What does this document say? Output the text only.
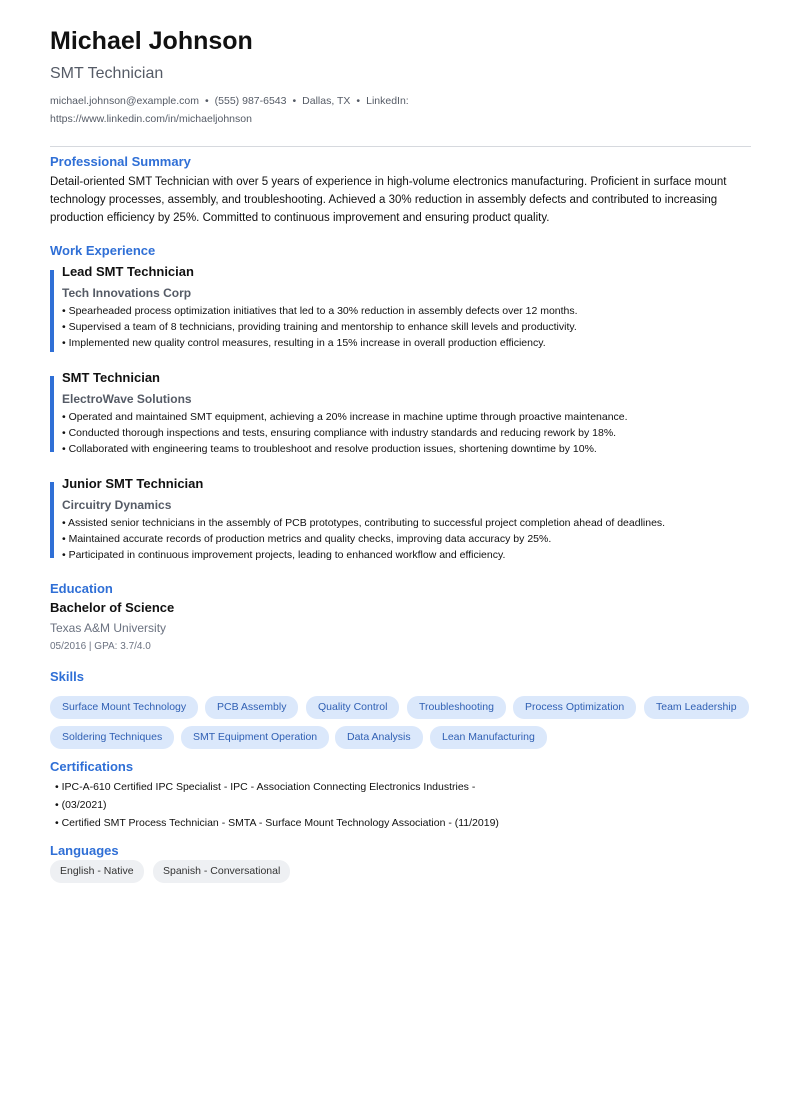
Michael Johnson
SMT Technician
michael.johnson@example.com • (555) 987-6543 • Dallas, TX • LinkedIn:
https://www.linkedin.com/in/michaeljohnson
Professional Summary
Detail-oriented SMT Technician with over 5 years of experience in high-volume electronics manufacturing. Proficient in surface mount technology processes, assembly, and troubleshooting. Achieved a 30% reduction in assembly defects and contributed to increasing production efficiency by 25%. Committed to continuous improvement and ensuring product quality.
Work Experience
Lead SMT Technician
Tech Innovations Corp
• Spearheaded process optimization initiatives that led to a 30% reduction in assembly defects over 12 months.
• Supervised a team of 8 technicians, providing training and mentorship to enhance skill levels and productivity.
• Implemented new quality control measures, resulting in a 15% increase in overall production efficiency.
SMT Technician
ElectroWave Solutions
• Operated and maintained SMT equipment, achieving a 20% increase in machine uptime through proactive maintenance.
• Conducted thorough inspections and tests, ensuring compliance with industry standards and reducing rework by 18%.
• Collaborated with engineering teams to troubleshoot and resolve production issues, shortening downtime by 10%.
Junior SMT Technician
Circuitry Dynamics
• Assisted senior technicians in the assembly of PCB prototypes, contributing to successful project completion ahead of deadlines.
• Maintained accurate records of production metrics and quality checks, improving data accuracy by 25%.
• Participated in continuous improvement projects, leading to enhanced workflow and efficiency.
Education
Bachelor of Science
Texas A&M University
05/2016 | GPA: 3.7/4.0
Skills
Surface Mount Technology	PCB Assembly	Quality Control	Troubleshooting	Process Optimization	Team Leadership
Soldering Techniques	SMT Equipment Operation	Data Analysis	Lean Manufacturing
Certifications
• IPC-A-610 Certified IPC Specialist - IPC - Association Connecting Electronics Industries -
• (03/2021)
• Certified SMT Process Technician - SMTA - Surface Mount Technology Association - (11/2019)
Languages
English - Native	Spanish - Conversational
